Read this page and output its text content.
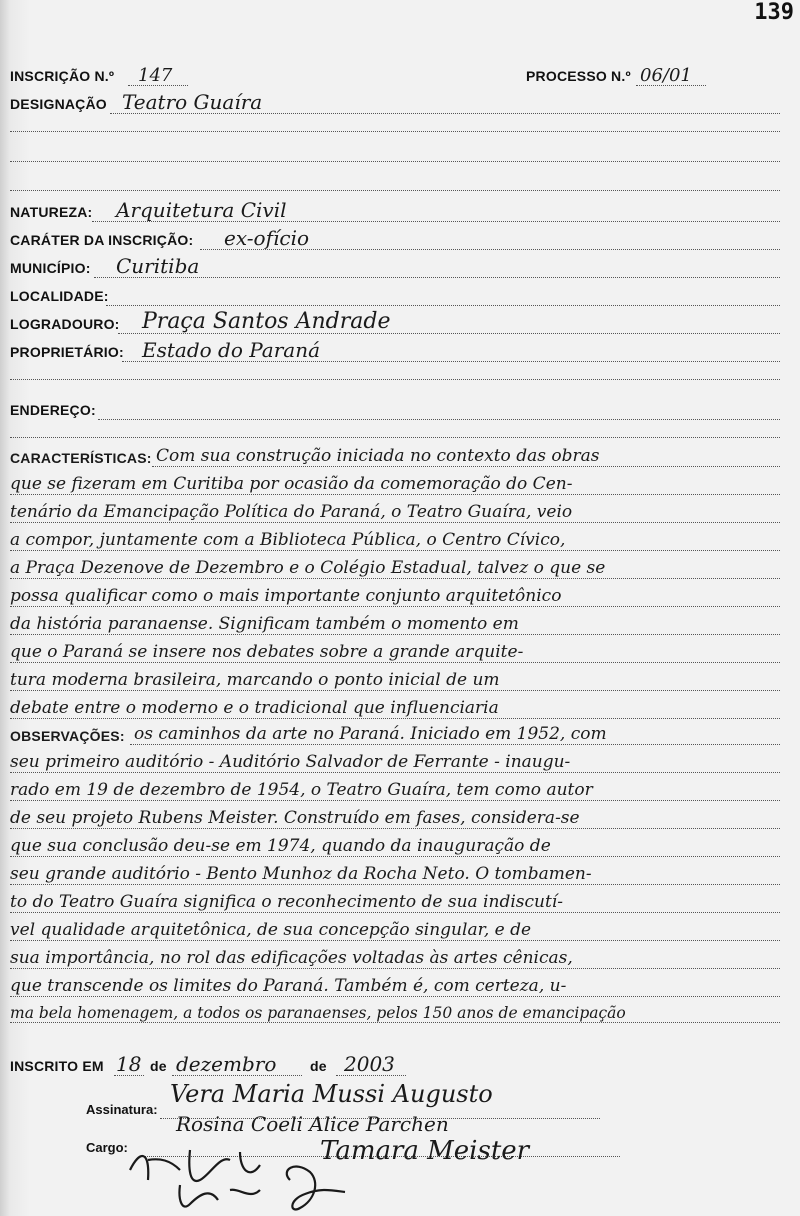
139
INSCRIÇÃO N.º 147	PROCESSO N.º 06/01
DESIGNAÇÃO Teatro Guaíra
NATUREZA: Arquitetura Civil
CARÁTER DA INSCRIÇÃO: ex-ofício
MUNICÍPIO: Curitiba
LOCALIDADE:
LOGRADOURO: Praça Santos Andrade
PROPRIETÁRIO: Estado do Paraná
ENDEREÇO:
CARACTERÍSTICAS: Com sua construção iniciada no contexto das obras
que se fizeram em Curitiba por ocasião da comemoração do Cen-
tenário da Emancipação Política do Paraná, o Teatro Guaíra, veio
a compor, juntamente com a Biblioteca Pública, o Centro Cívico,
a Praça Dezenove de Dezembro e o Colégio Estadual, talvez o que se
possa qualificar como o mais importante conjunto arquitetônico
da história paranaense. Significam também o momento em
que o Paraná se insere nos debates sobre a grande arquite-
tura moderna brasileira, marcando o ponto inicial de um
debate entre o moderno e o tradicional que influenciaria
OBSERVAÇÕES: os caminhos da arte no Paraná. Iniciado em 1952, com
seu primeiro auditório - Auditório Salvador de Ferrante - inaugu-
rado em 19 de dezembro de 1954, o Teatro Guaíra, tem como autor
de seu projeto Rubens Meister. Construído em fases, considera-se
que sua conclusão deu-se em 1974, quando da inauguração de
seu grande auditório - Bento Munhoz da Rocha Neto. O tombamen-
to do Teatro Guaíra significa o reconhecimento de sua indiscutí-
vel qualidade arquitetônica, de sua concepção singular, e de
sua importância, no rol das edificações voltadas às artes cênicas,
que transcende os limites do Paraná. Também é, com certeza, u-
ma bela homenagem, a todos os paranaenses, pelos 150 anos de emancipação
INSCRITO EM 18 de dezembro de 2003
Assinatura:
Vera Maria Mussi Augusto
Rosina Coeli Alice Parchen
Cargo:	Tamara Meister
